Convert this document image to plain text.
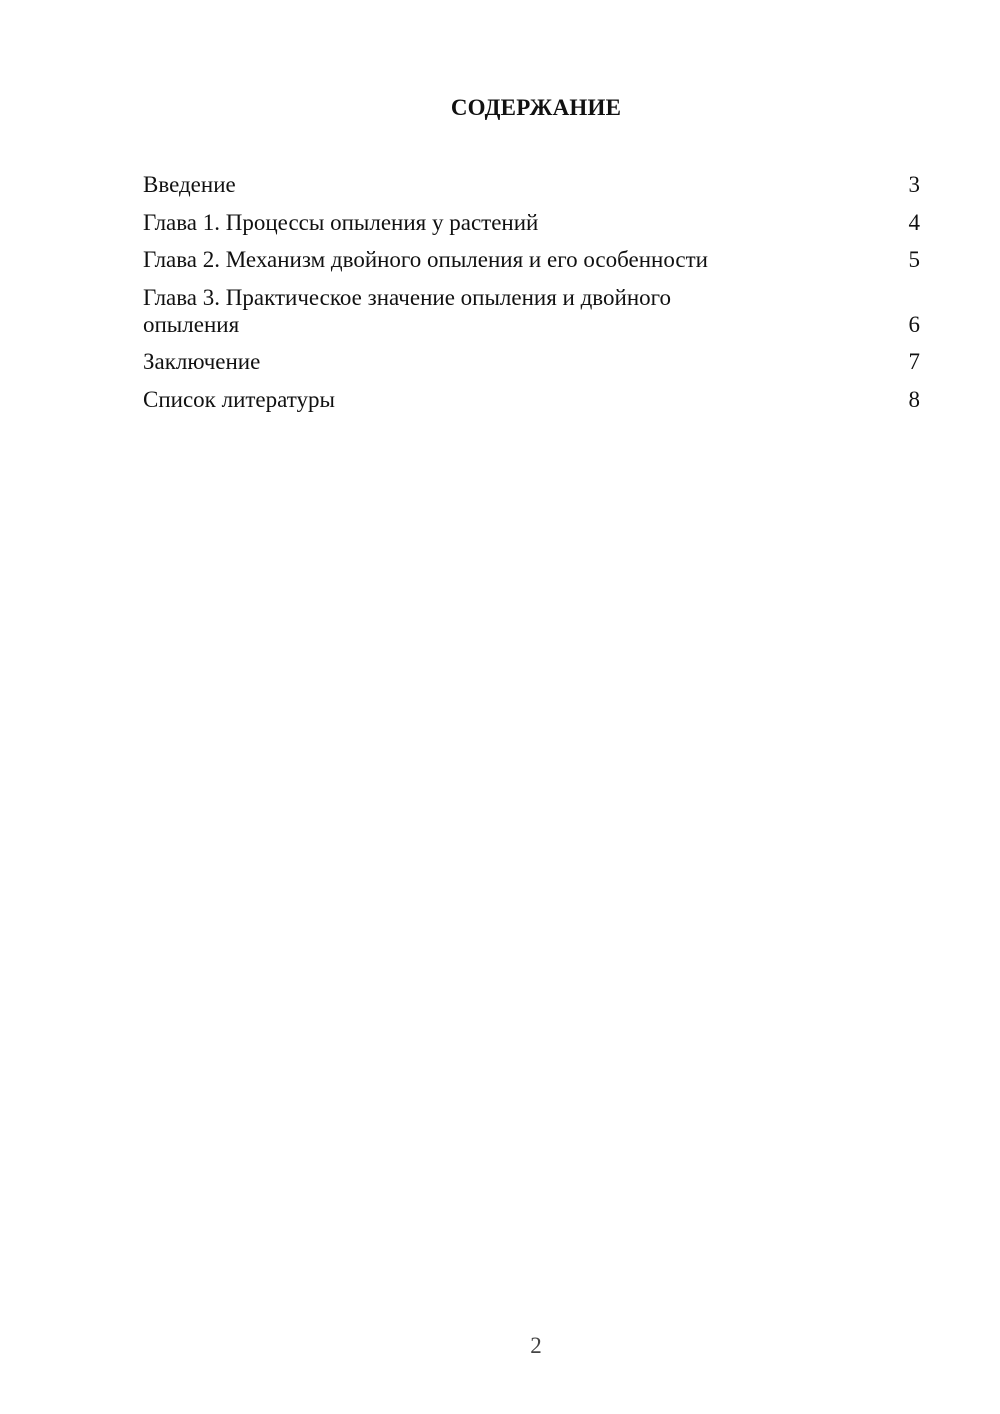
СОДЕРЖАНИЕ
Введение	3
Глава 1. Процессы опыления у растений	4
Глава 2. Механизм двойного опыления и его особенности	5
Глава 3. Практическое значение опыления и двойного опыления	6
Заключение	7
Список литературы	8
2
